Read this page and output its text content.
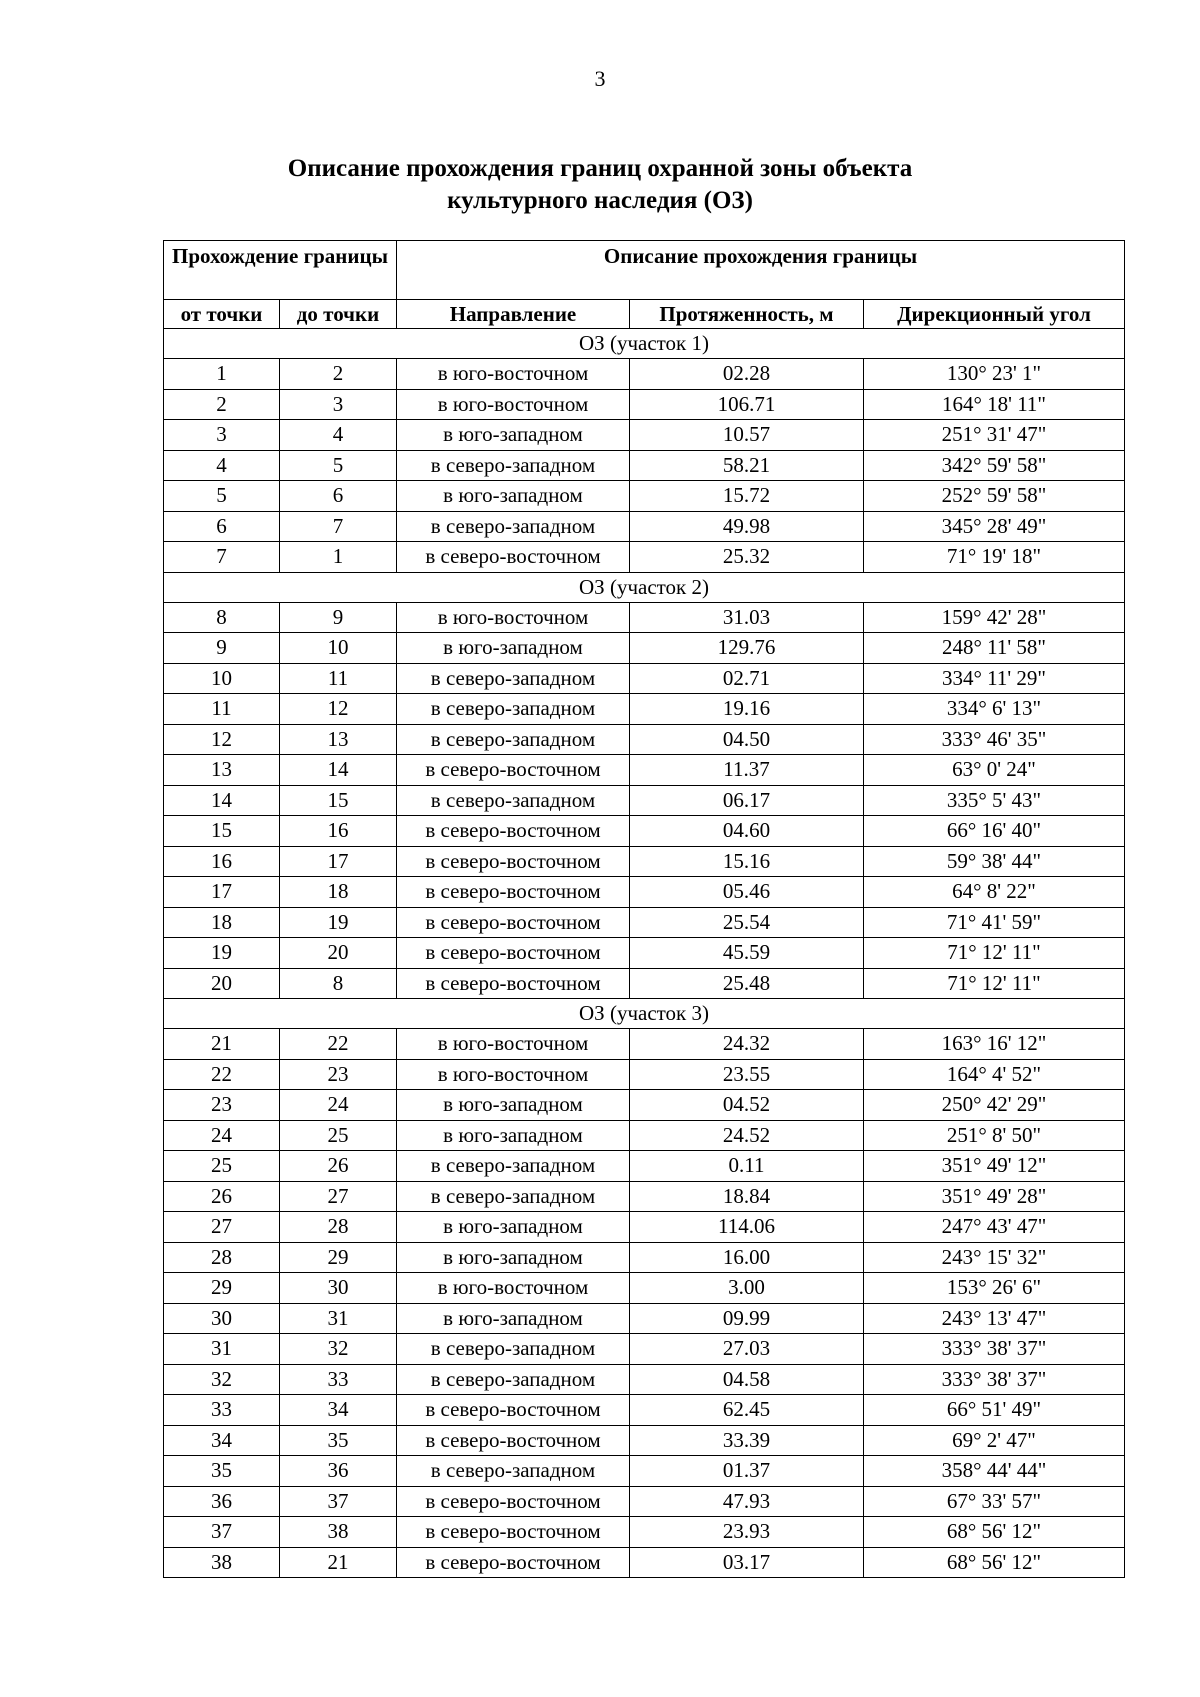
3
Описание прохождения границ охранной зоны объекта
культурного наследия (ОЗ)
Прохождение границы		Описание прохождения границы		
от точки	до точки	Направление	Протяженность, м	Дирекционный угол
ОЗ (участок 1)				
1	2	в юго-восточном	02.28	130° 23' 1"
2	3	в юго-восточном	106.71	164° 18' 11"
3	4	в юго-западном	10.57	251° 31' 47"
4	5	в северо-западном	58.21	342° 59' 58"
5	6	в юго-западном	15.72	252° 59' 58"
6	7	в северо-западном	49.98	345° 28' 49"
7	1	в северо-восточном	25.32	71° 19' 18"
ОЗ (участок 2)				
8	9	в юго-восточном	31.03	159° 42' 28"
9	10	в юго-западном	129.76	248° 11' 58"
10	11	в северо-западном	02.71	334° 11' 29"
11	12	в северо-западном	19.16	334° 6' 13"
12	13	в северо-западном	04.50	333° 46' 35"
13	14	в северо-восточном	11.37	63° 0' 24"
14	15	в северо-западном	06.17	335° 5' 43"
15	16	в северо-восточном	04.60	66° 16' 40"
16	17	в северо-восточном	15.16	59° 38' 44"
17	18	в северо-восточном	05.46	64° 8' 22"
18	19	в северо-восточном	25.54	71° 41' 59"
19	20	в северо-восточном	45.59	71° 12' 11"
20	8	в северо-восточном	25.48	71° 12' 11"
ОЗ (участок 3)				
21	22	в юго-восточном	24.32	163° 16' 12"
22	23	в юго-восточном	23.55	164° 4' 52"
23	24	в юго-западном	04.52	250° 42' 29"
24	25	в юго-западном	24.52	251° 8' 50"
25	26	в северо-западном	0.11	351° 49' 12"
26	27	в северо-западном	18.84	351° 49' 28"
27	28	в юго-западном	114.06	247° 43' 47"
28	29	в юго-западном	16.00	243° 15' 32"
29	30	в юго-восточном	3.00	153° 26' 6"
30	31	в юго-западном	09.99	243° 13' 47"
31	32	в северо-западном	27.03	333° 38' 37"
32	33	в северо-западном	04.58	333° 38' 37"
33	34	в северо-восточном	62.45	66° 51' 49"
34	35	в северо-восточном	33.39	69° 2' 47"
35	36	в северо-западном	01.37	358° 44' 44"
36	37	в северо-восточном	47.93	67° 33' 57"
37	38	в северо-восточном	23.93	68° 56' 12"
38	21	в северо-восточном	03.17	68° 56' 12"
